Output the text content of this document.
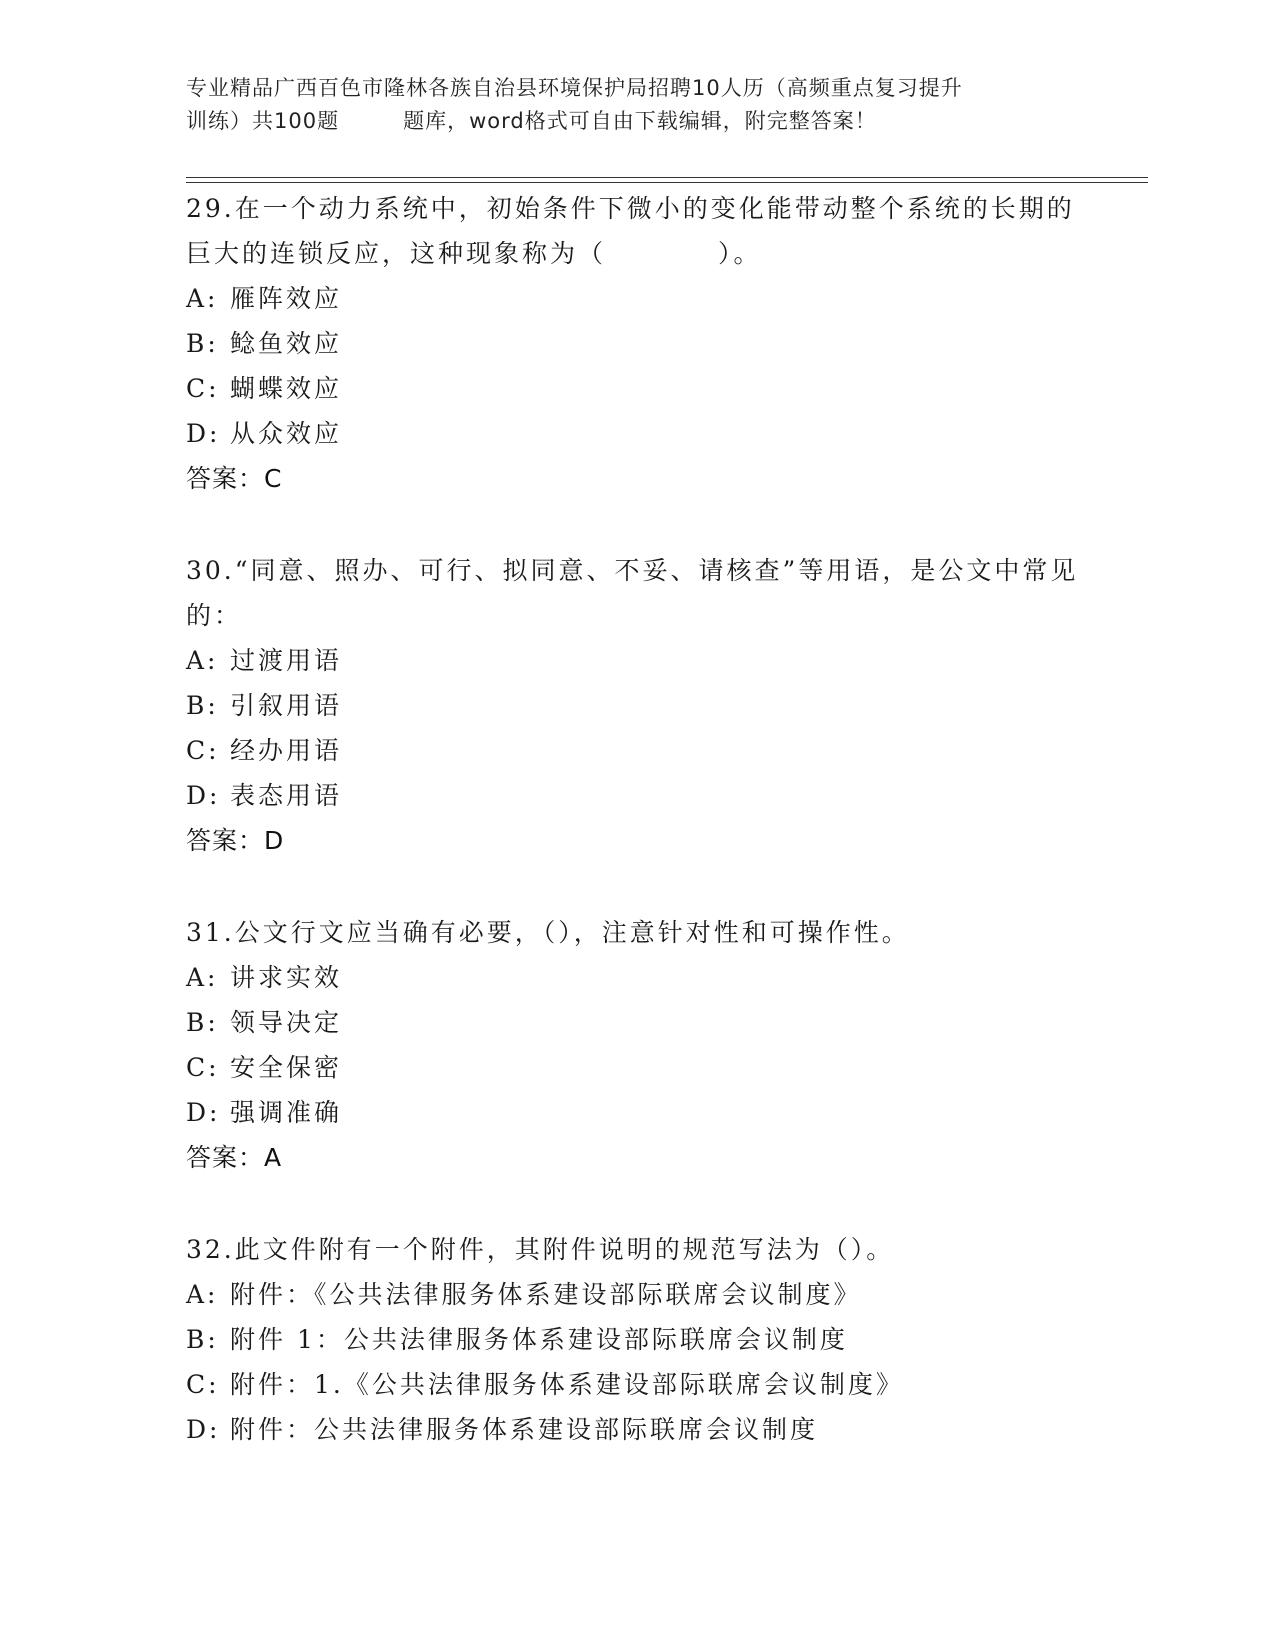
专业精品广西百色市隆林各族自治县环境保护局招聘10人历（高频重点复习提升
训练）共100题	题库，word格式可自由下载编辑，附完整答案！

29.在一个动力系统中，初始条件下微小的变化能带动整个系统的长期的巨大的连锁反应，这种现象称为（　　　　）。

A: 雁阵效应

B: 鲶鱼效应

C: 蝴蝶效应

D: 从众效应

答案：C

30.“同意、照办、可行、拟同意、不妥、请核查”等用语，是公文中常见的：

A: 过渡用语

B: 引叙用语

C: 经办用语

D: 表态用语

答案：D

31.公文行文应当确有必要，（），注意针对性和可操作性。

A: 讲求实效

B: 领导决定

C: 安全保密

D: 强调准确

答案：A

32.此文件附有一个附件，其附件说明的规范写法为（）。

A: 附件：《公共法律服务体系建设部际联席会议制度》

B: 附件 1：公共法律服务体系建设部际联席会议制度

C: 附件：1.《公共法律服务体系建设部际联席会议制度》

D: 附件：公共法律服务体系建设部际联席会议制度
